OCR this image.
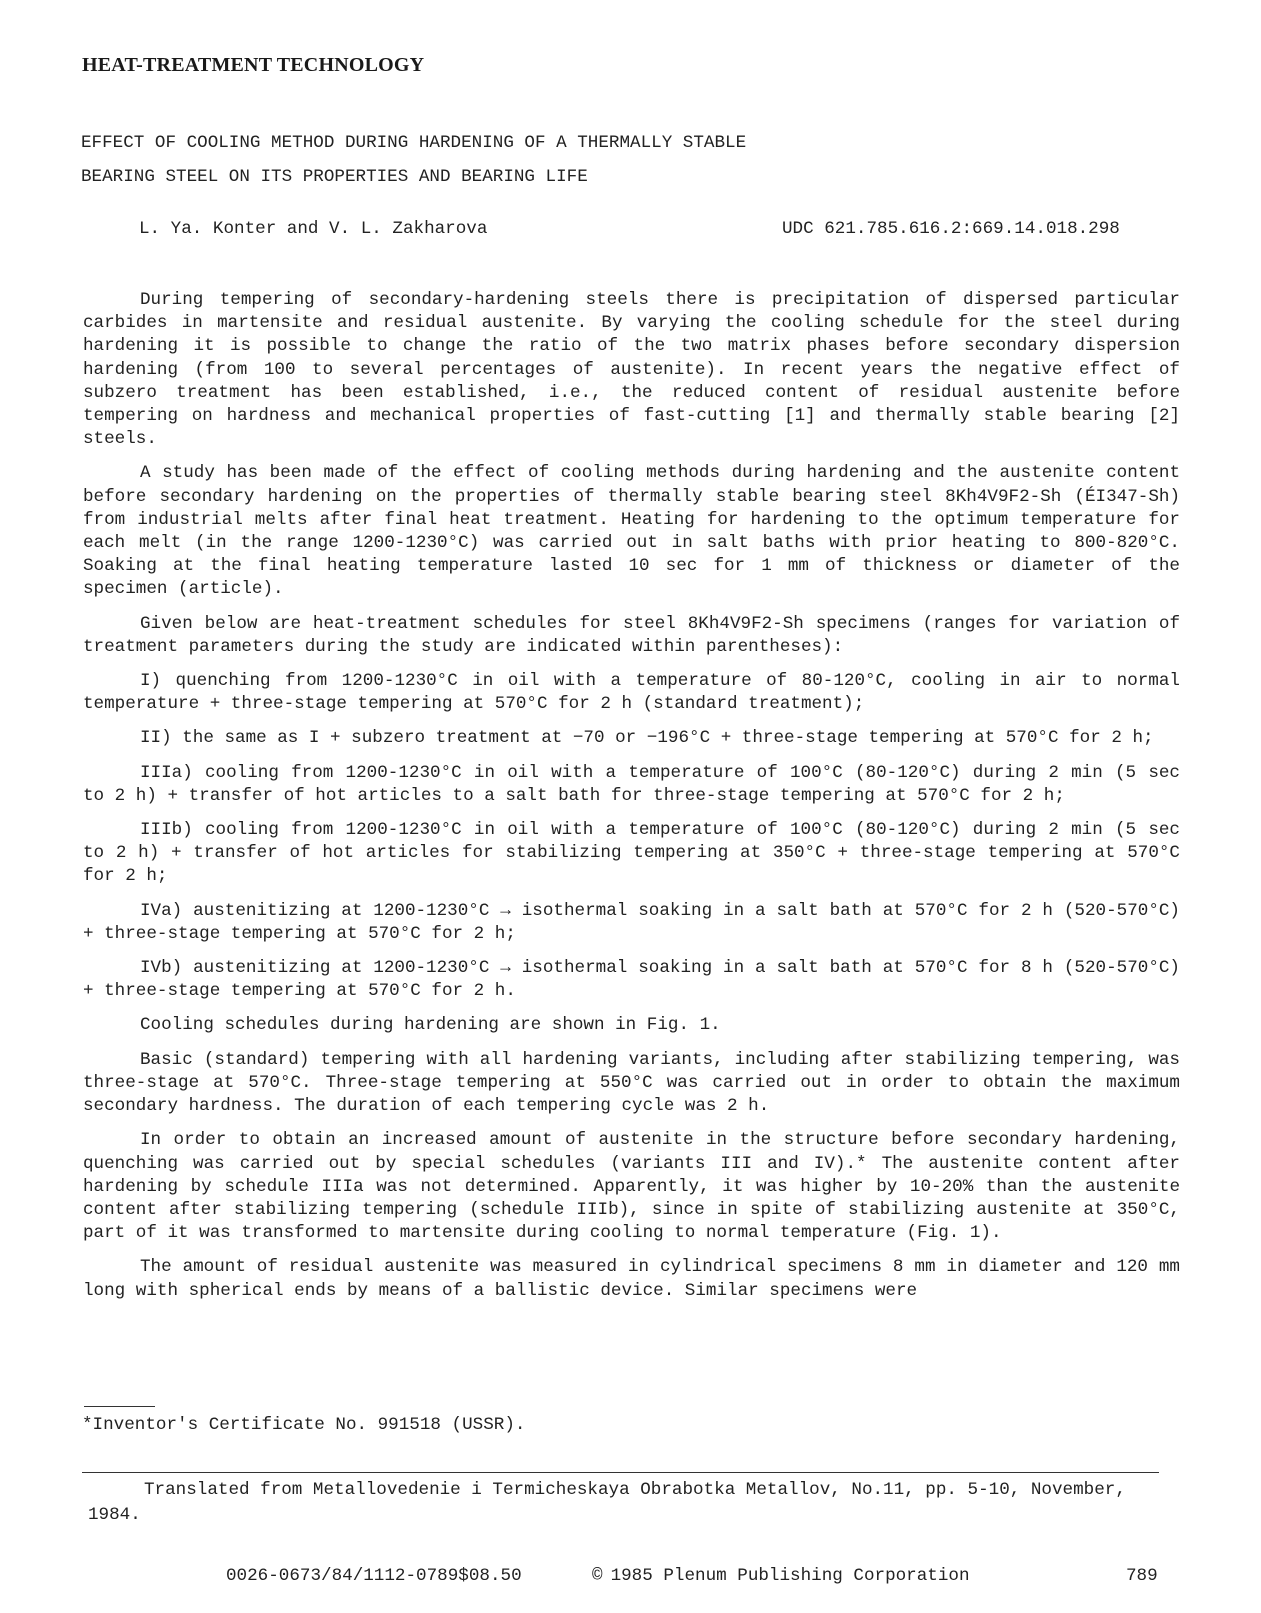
HEAT-TREATMENT TECHNOLOGY
EFFECT OF COOLING METHOD DURING HARDENING OF A THERMALLY STABLE
BEARING STEEL ON ITS PROPERTIES AND BEARING LIFE
L. Ya. Konter and V. L. Zakharova	UDC 621.785.616.2:669.14.018.298

During tempering of secondary-hardening steels there is precipitation of dispersed particular carbides in martensite and residual austenite. By varying the cooling schedule for the steel during hardening it is possible to change the ratio of the two matrix phases before secondary dispersion hardening (from 100 to several percentages of austenite). In recent years the negative effect of subzero treatment has been established, i.e., the reduced content of residual austenite before tempering on hardness and mechanical properties of fast-cutting [1] and thermally stable bearing [2] steels.

A study has been made of the effect of cooling methods during hardening and the austenite content before secondary hardening on the properties of thermally stable bearing steel 8Kh4V9F2-Sh (ÉI347-Sh) from industrial melts after final heat treatment. Heating for hardening to the optimum temperature for each melt (in the range 1200-1230°C) was carried out in salt baths with prior heating to 800-820°C. Soaking at the final heating temperature lasted 10 sec for 1 mm of thickness or diameter of the specimen (article).

Given below are heat-treatment schedules for steel 8Kh4V9F2-Sh specimens (ranges for variation of treatment parameters during the study are indicated within parentheses):

I) quenching from 1200-1230°C in oil with a temperature of 80-120°C, cooling in air to normal temperature + three-stage tempering at 570°C for 2 h (standard treatment);

II) the same as I + subzero treatment at −70 or −196°C + three-stage tempering at 570°C for 2 h;

IIIa) cooling from 1200-1230°C in oil with a temperature of 100°C (80-120°C) during 2 min (5 sec to 2 h) + transfer of hot articles to a salt bath for three-stage tempering at 570°C for 2 h;

IIIb) cooling from 1200-1230°C in oil with a temperature of 100°C (80-120°C) during 2 min (5 sec to 2 h) + transfer of hot articles for stabilizing tempering at 350°C + three-stage tempering at 570°C for 2 h;

IVa) austenitizing at 1200-1230°C → isothermal soaking in a salt bath at 570°C for 2 h (520-570°C) + three-stage tempering at 570°C for 2 h;

IVb) austenitizing at 1200-1230°C → isothermal soaking in a salt bath at 570°C for 8 h (520-570°C) + three-stage tempering at 570°C for 2 h.

Cooling schedules during hardening are shown in Fig. 1.

Basic (standard) tempering with all hardening variants, including after stabilizing tempering, was three-stage at 570°C. Three-stage tempering at 550°C was carried out in order to obtain the maximum secondary hardness. The duration of each tempering cycle was 2 h.

In order to obtain an increased amount of austenite in the structure before secondary hardening, quenching was carried out by special schedules (variants III and IV).* The austenite content after hardening by schedule IIIa was not determined. Apparently, it was higher by 10-20% than the austenite content after stabilizing tempering (schedule IIIb), since in spite of stabilizing austenite at 350°C, part of it was transformed to martensite during cooling to normal temperature (Fig. 1).

The amount of residual austenite was measured in cylindrical specimens 8 mm in diameter and 120 mm long with spherical ends by means of a ballistic device. Similar specimens were

*Inventor's Certificate No. 991518 (USSR).
Translated from Metallovedenie i Termicheskaya Obrabotka Metallov, No.11, pp. 5-10, November, 1984.
0026-0673/84/1112-0789$08.50	© 1985 Plenum Publishing Corporation	789
